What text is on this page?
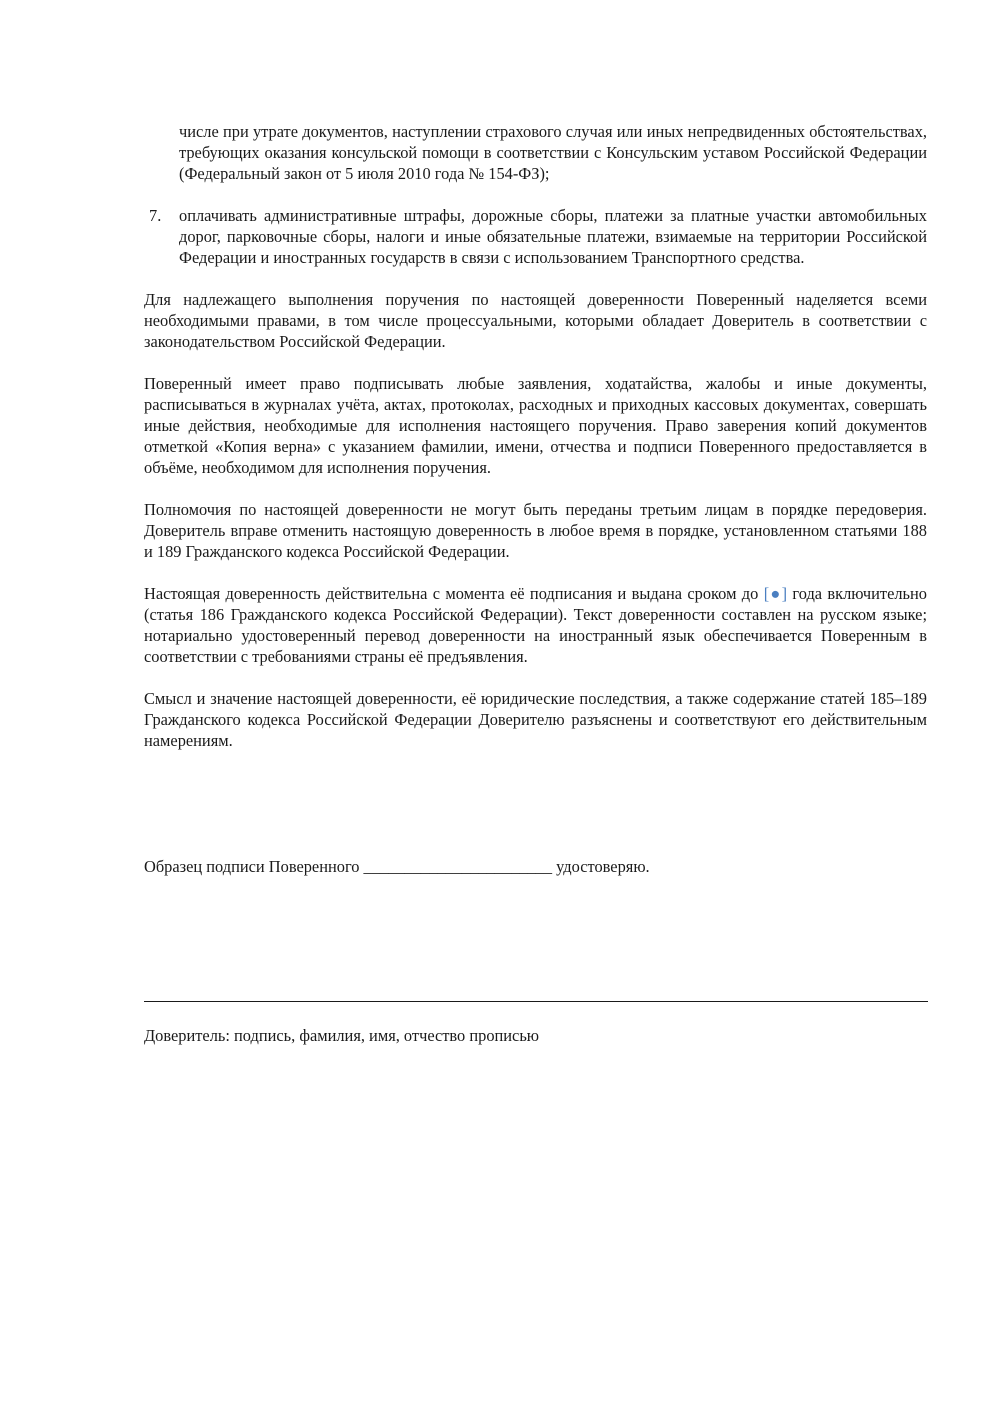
числе при утрате документов, наступлении страхового случая или иных непредвиденных обстоятельствах, требующих оказания консульской помощи в соответствии с Консульским уставом Российской Федерации (Федеральный закон от 5 июля 2010 года № 154-ФЗ);

7. оплачивать административные штрафы, дорожные сборы, платежи за платные участки автомобильных дорог, парковочные сборы, налоги и иные обязательные платежи, взимаемые на территории Российской Федерации и иностранных государств в связи с использованием Транспортного средства.

Для надлежащего выполнения поручения по настоящей доверенности Поверенный наделяется всеми необходимыми правами, в том числе процессуальными, которыми обладает Доверитель в соответствии с законодательством Российской Федерации.

Поверенный имеет право подписывать любые заявления, ходатайства, жалобы и иные документы, расписываться в журналах учёта, актах, протоколах, расходных и приходных кассовых документах, совершать иные действия, необходимые для исполнения настоящего поручения. Право заверения копий документов отметкой «Копия верна» с указанием фамилии, имени, отчества и подписи Поверенного предоставляется в объёме, необходимом для исполнения поручения.

Полномочия по настоящей доверенности не могут быть переданы третьим лицам в порядке передоверия. Доверитель вправе отменить настоящую доверенность в любое время в порядке, установленном статьями 188 и 189 Гражданского кодекса Российской Федерации.

Настоящая доверенность действительна с момента её подписания и выдана сроком до [●] года включительно (статья 186 Гражданского кодекса Российской Федерации). Текст доверенности составлен на русском языке; нотариально удостоверенный перевод доверенности на иностранный язык обеспечивается Поверенным в соответствии с требованиями страны её предъявления.

Смысл и значение настоящей доверенности, её юридические последствия, а также содержание статей 185–189 Гражданского кодекса Российской Федерации Доверителю разъяснены и соответствуют его действительным намерениям.

Образец подписи Поверенного _______________________ удостоверяю.
Доверитель: подпись, фамилия, имя, отчество прописью
